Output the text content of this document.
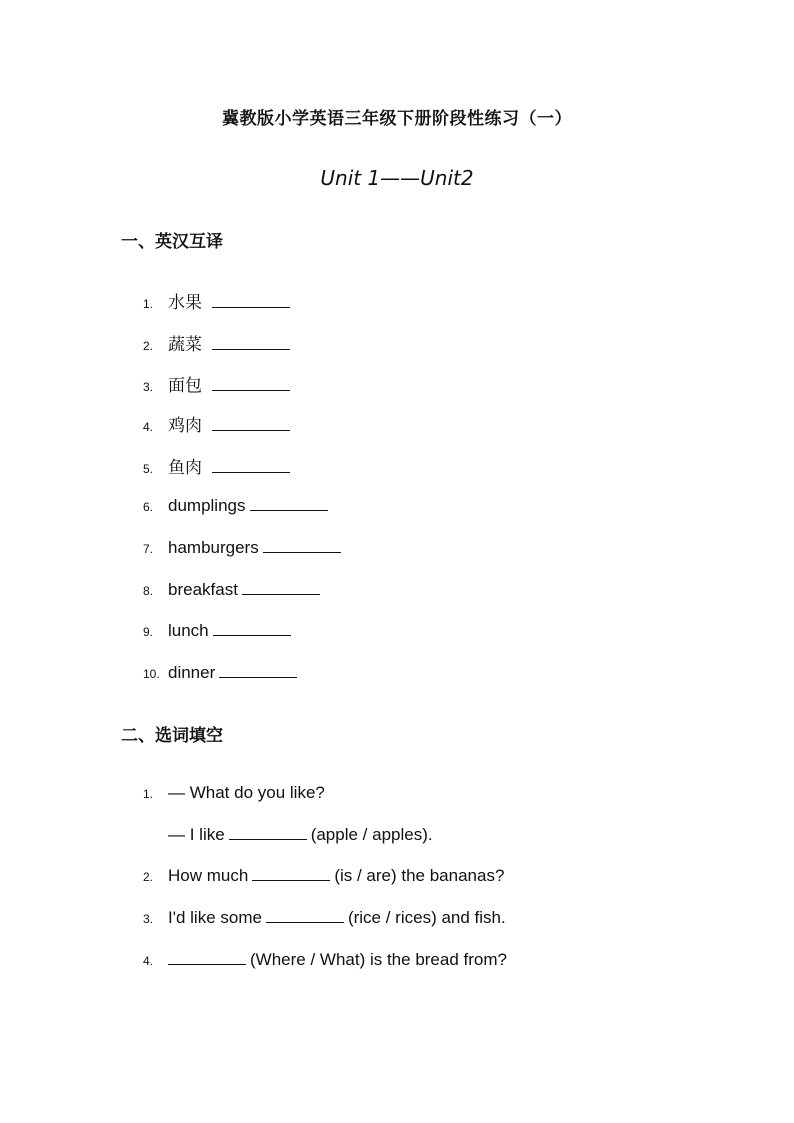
冀教版小学英语三年级下册阶段性练习（一）
Unit 1——Unit2
一、英汉互译
1. 水果
2. 蔬菜
3. 面包
4. 鸡肉
5. 鱼肉
6. dumplings
7. hamburgers
8. breakfast
9. lunch
10. dinner
二、选词填空
1. — What do you like?
— I like	(apple / apples).
2. How much	(is / are) the bananas?
3. I'd like some	(rice / rices) and fish.
4.	(Where / What) is the bread from?
